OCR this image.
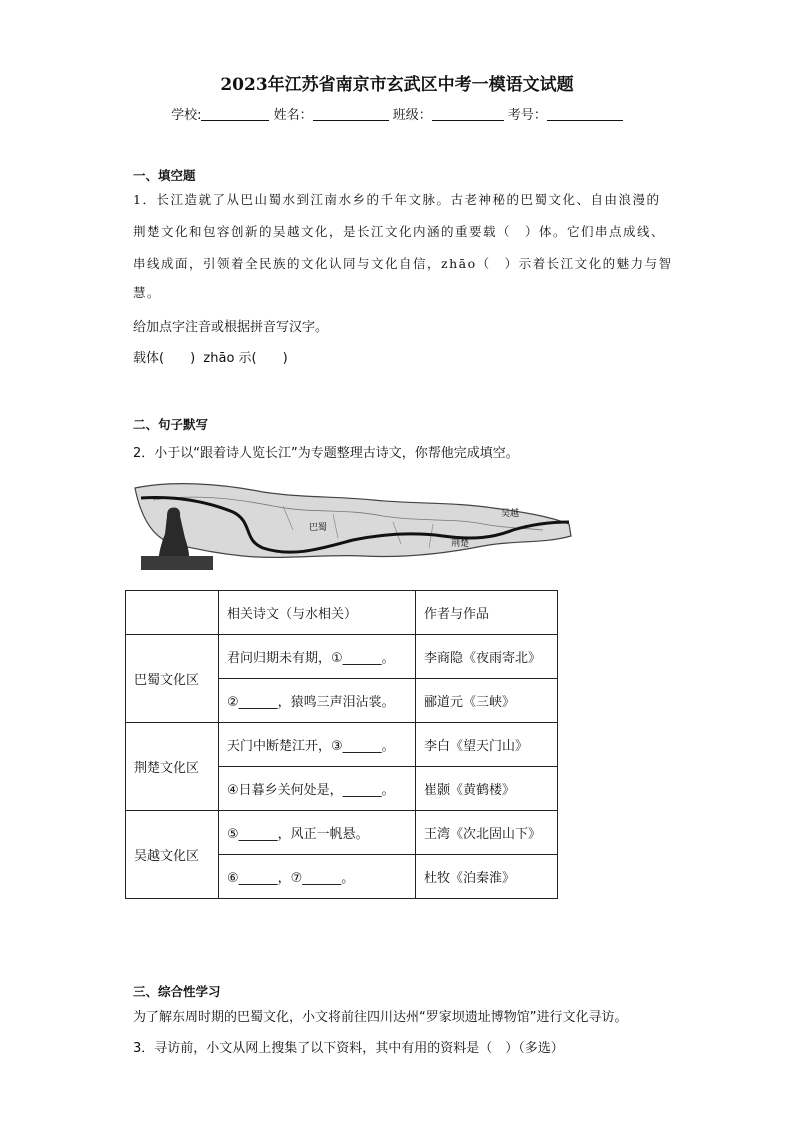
2023年江苏省南京市玄武区中考一模语文试题
学校:	姓名：	班级：	考号：
一、填空题
1．长江造就了从巴山蜀水到江南水乡的千年文脉。古老神秘的巴蜀文化、自由浪漫的
荆楚文化和包容创新的吴越文化，是长江文化内涵的重要载（　）体。它们串点成线、
串线成面，引领着全民族的文化认同与文化自信，zhāo（　）示着长江文化的魅力与智
慧。
给加点字注音或根据拼音写汉字。
载体(　　)  zhāo 示(　　)
二、句子默写
2．小于以“跟着诗人览长江”为专题整理古诗文，你帮他完成填空。
巴蜀
荆楚
吴越
	相关诗文（与水相关）	作者与作品
巴蜀文化区	君问归期未有期，①______。	李商隐《夜雨寄北》
	②______，猿鸣三声泪沾裳。	郦道元《三峡》
荆楚文化区	天门中断楚江开，③______。	李白《望天门山》
	④日暮乡关何处是，______。	崔颢《黄鹤楼》
吴越文化区	⑤______，风正一帆悬。	王湾《次北固山下》
	⑥______，⑦______。	杜牧《泊秦淮》
三、综合性学习
为了解东周时期的巴蜀文化，小文将前往四川达州“罗家坝遗址博物馆”进行文化寻访。
3．寻访前，小文从网上搜集了以下资料，其中有用的资料是（　）（多选）
